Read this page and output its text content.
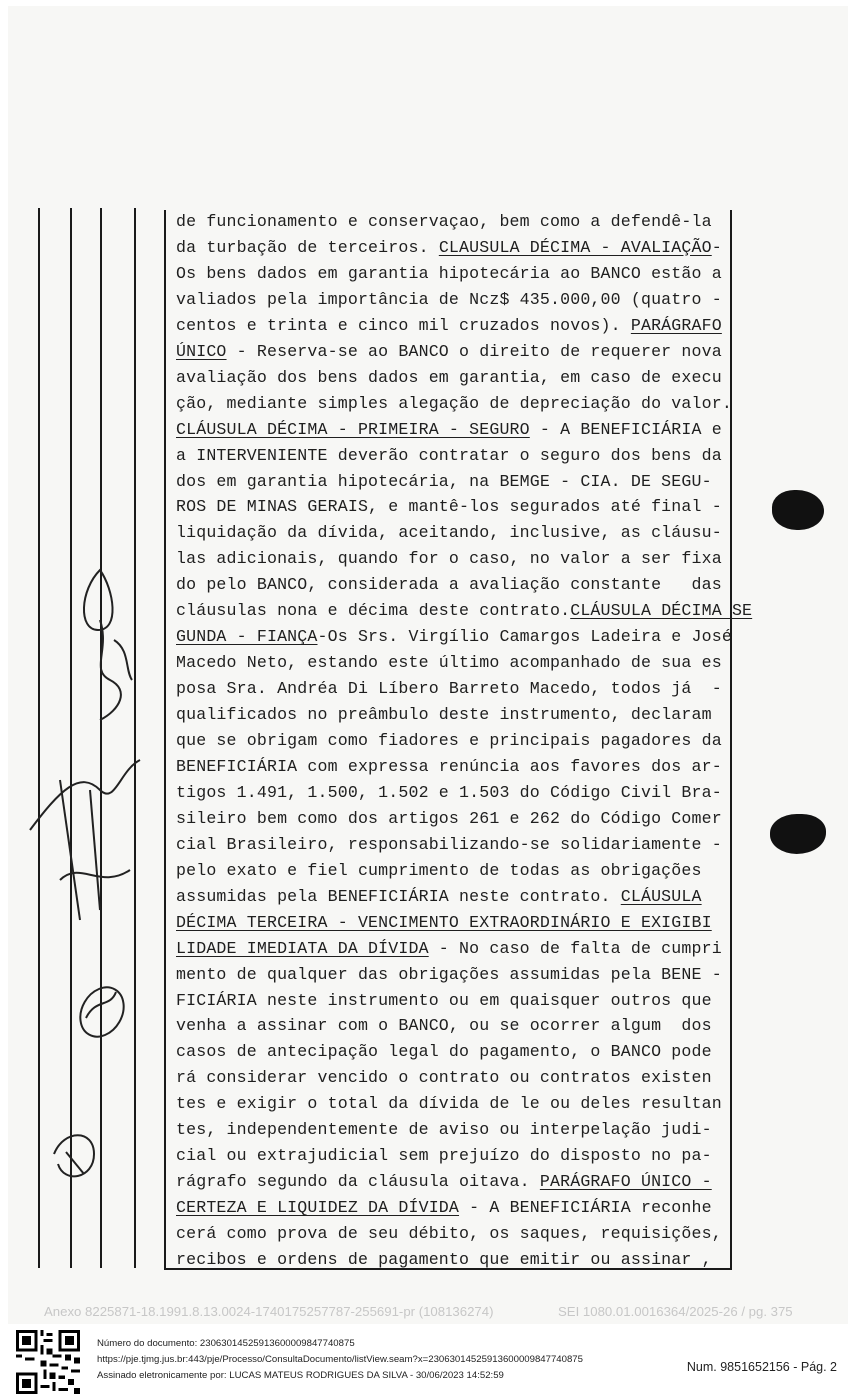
de funcionamento e conservaçao, bem como a defendê-la
da turbação de terceiros. CLAUSULA DÉCIMA - AVALIAÇÃO-
Os bens dados em garantia hipotecária ao BANCO estão a
valiados pela importância de Ncz$ 435.000,00 (quatro -
centos e trinta e cinco mil cruzados novos). PARÁGRAFO
ÚNICO - Reserva-se ao BANCO o direito de requerer nova
avaliação dos bens dados em garantia, em caso de execu
ção, mediante simples alegação de depreciação do valor.
CLÁUSULA DÉCIMA - PRIMEIRA - SEGURO - A BENEFICIÁRIA e
a INTERVENIENTE deverão contratar o seguro dos bens da
dos em garantia hipotecária, na BEMGE - CIA. DE SEGU-
ROS DE MINAS GERAIS, e mantê-los segurados até final -
liquidação da dívida, aceitando, inclusive, as cláusu-
las adicionais, quando for o caso, no valor a ser fixa
do pelo BANCO, considerada a avaliação constante   das
cláusulas nona e décima deste contrato.CLÁUSULA DÉCIMA SE
GUNDA - FIANÇA-Os Srs. Virgílio Camargos Ladeira e José
Macedo Neto, estando este último acompanhado de sua es
posa Sra. Andréa Di Líbero Barreto Macedo, todos já  -
qualificados no preâmbulo deste instrumento, declaram
que se obrigam como fiadores e principais pagadores da
BENEFICIÁRIA com expressa renúncia aos favores dos ar-
tigos 1.491, 1.500, 1.502 e 1.503 do Código Civil Bra-
sileiro bem como dos artigos 261 e 262 do Código Comer
cial Brasileiro, responsabilizando-se solidariamente -
pelo exato e fiel cumprimento de todas as obrigações
assumidas pela BENEFICIÁRIA neste contrato. CLÁUSULA
DÉCIMA TERCEIRA - VENCIMENTO EXTRAORDINÁRIO E EXIGIBI
LIDADE IMEDIATA DA DÍVIDA - No caso de falta de cumpri
mento de qualquer das obrigações assumidas pela BENE -
FICIÁRIA neste instrumento ou em quaisquer outros que
venha a assinar com o BANCO, ou se ocorrer algum  dos
casos de antecipação legal do pagamento, o BANCO pode
rá considerar vencido o contrato ou contratos existen
tes e exigir o total da dívida de le ou deles resultan
tes, independentemente de aviso ou interpelação judi-
cial ou extrajudicial sem prejuízo do disposto no pa-
rágrafo segundo da cláusula oitava. PARÁGRAFO ÚNICO -
CERTEZA E LIQUIDEZ DA DÍVIDA - A BENEFICIÁRIA reconhe
cerá como prova de seu débito, os saques, requisições,
recibos e ordens de pagamento que emitir ou assinar ,
Anexo 8225871-18.1991.8.13.0024-1740175257787-255691-pr (108136274)	SEI 1080.01.0016364/2025-26 / pg. 375
Número do documento: 23063014525913600009847740875
https://pje.tjmg.jus.br:443/pje/Processo/ConsultaDocumento/listView.seam?x=23063014525913600009847740875
Assinado eletronicamente por: LUCAS MATEUS RODRIGUES DA SILVA - 30/06/2023 14:52:59
Num. 9851652156 - Pág. 2
